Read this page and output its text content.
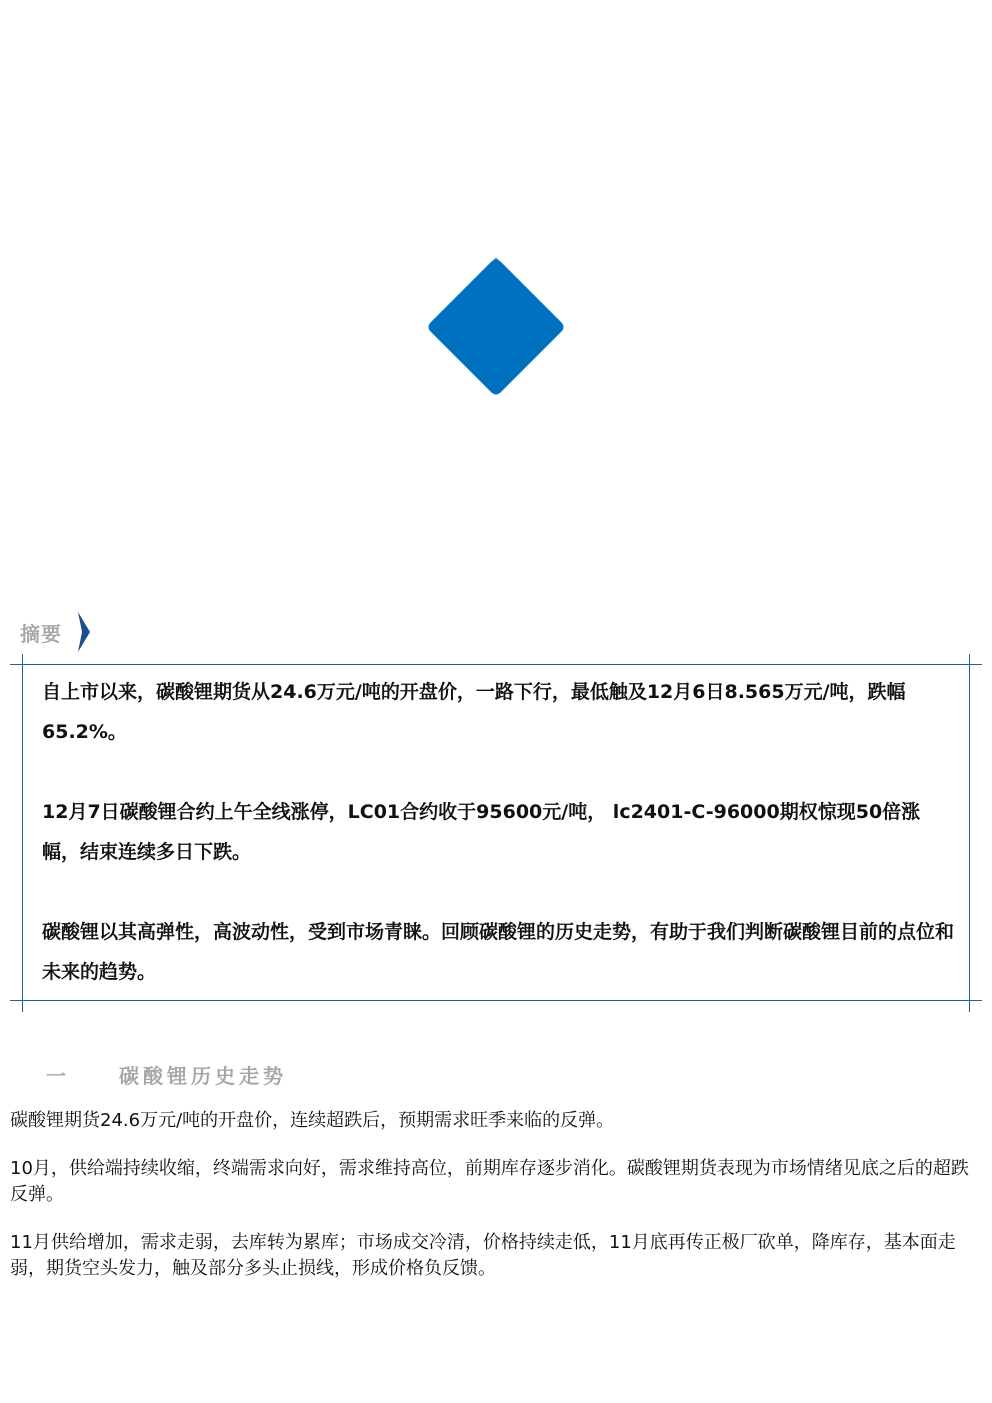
摘要

自上市以来，碳酸锂期货从24.6万元/吨的开盘价，一路下行，最低触及12月6日8.565万元/吨，跌幅65.2%。

12月7日碳酸锂合约上午全线涨停，LC01合约收于95600元/吨， lc2401-C-96000期权惊现50倍涨幅，结束连续多日下跌。

碳酸锂以其高弹性，高波动性，受到市场青睐。回顾碳酸锂的历史走势，有助于我们判断碳酸锂目前的点位和未来的趋势。

一	碳酸锂历史走势

碳酸锂期货24.6万元/吨的开盘价，连续超跌后，预期需求旺季来临的反弹。

10月，供给端持续收缩，终端需求向好，需求维持高位，前期库存逐步消化。碳酸锂期货表现为市场情绪见底之后的超跌反弹。

11月供给增加，需求走弱，去库转为累库；市场成交冷清，价格持续走低，11月底再传正极厂砍单，降库存，基本面走弱，期货空头发力，触及部分多头止损线，形成价格负反馈。
